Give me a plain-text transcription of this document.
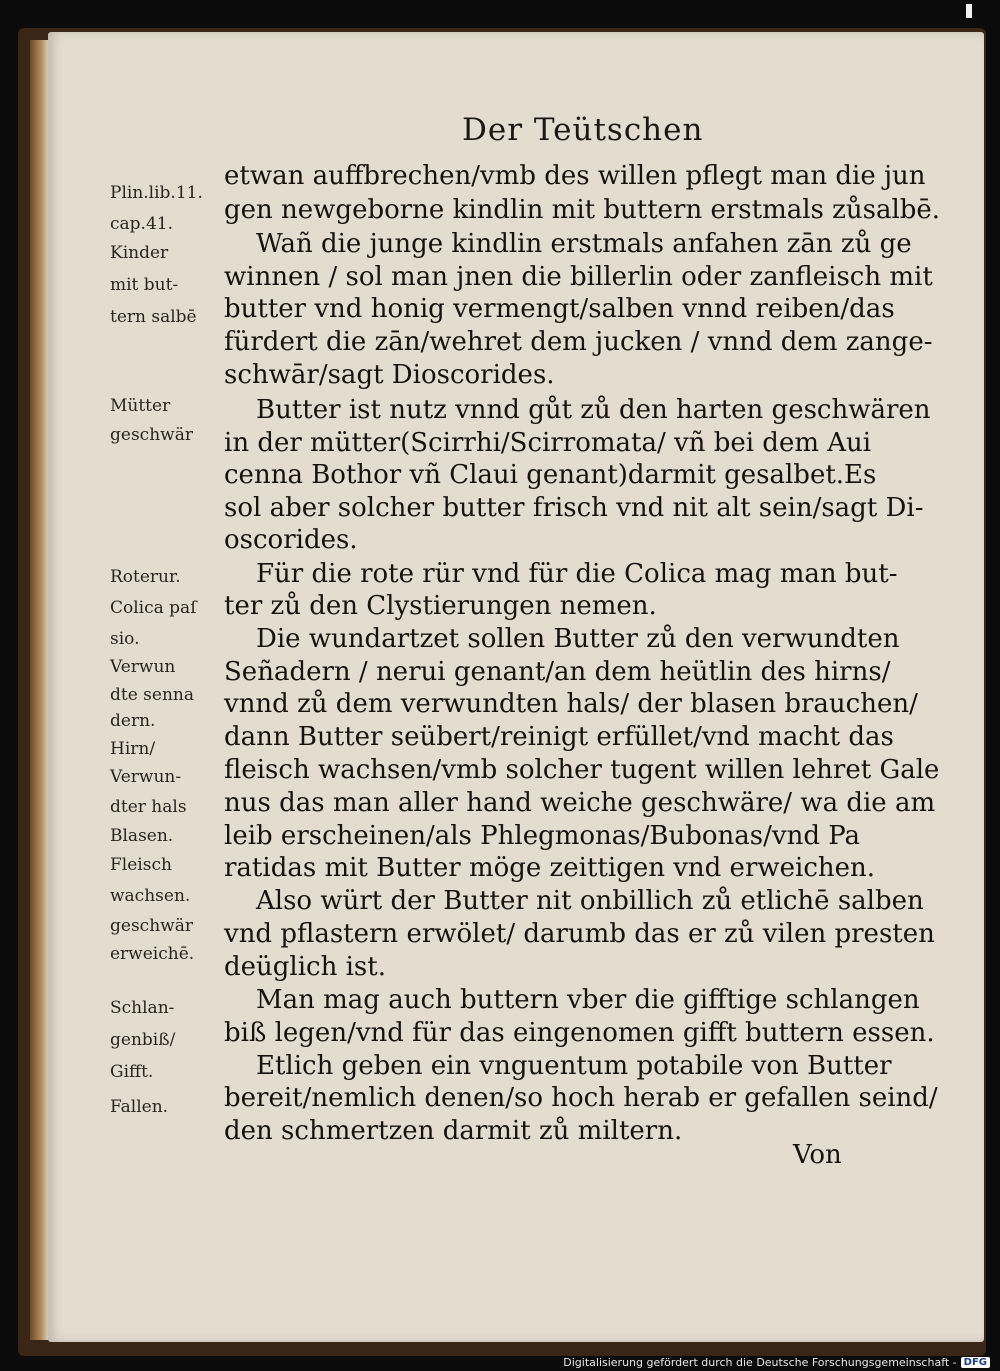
Der Teütschen
Plin.lib.11.
cap.41.
Kinder
mit but-
tern salbē
Mütter
geschwär
Roterur.
Colica paſ
sio.
Verwun
dte senna
dern.
Hirn/
Verwun-
dter hals
Blasen.
Fleisch
wachsen.
geschwär
erweichē.
Schlan-
genbiß/
Gifft.
Fallen.
etwan auffbrechen/vmb des willen pflegt man die jun
gen newgeborne kindlin mit buttern erstmals zůsalbē.
Wañ die junge kindlin erstmals anfahen zān zů ge
winnen / sol man jnen die billerlin oder zanfleisch mit
butter vnd honig vermengt/salben vnnd reiben/das
fürdert die zān/wehret dem jucken / vnnd dem zange-
schwār/sagt Dioscorides.
Butter ist nutz vnnd gůt zů den harten geschwären
in der mütter(Scirrhi/Scirromata/ vñ bei dem Aui
cenna Bothor vñ Claui genant)darmit gesalbet.Es
sol aber solcher butter frisch vnd nit alt sein/sagt Di-
oscorides.
Für die rote rür vnd für die Colica mag man but-
ter zů den Clystierungen nemen.
Die wundartzet sollen Butter zů den verwundten
Señadern / nerui genant/an dem heütlin des hirns/
vnnd zů dem verwundten hals/ der blasen brauchen/
dann Butter seübert/reinigt erfüllet/vnd macht das
fleisch wachsen/vmb solcher tugent willen lehret Gale
nus das man aller hand weiche geschwäre/ wa die am
leib erscheinen/als Phlegmonas/Bubonas/vnd Pa
ratidas mit Butter möge zeittigen vnd erweichen.
Also würt der Butter nit onbillich zů etlichē salben
vnd pflastern erwölet/ darumb das er zů vilen presten
deüglich ist.
Man mag auch buttern vber die gifftige schlangen
biß legen/vnd für das eingenomen gifft buttern essen.
Etlich geben ein vnguentum potabile von Butter
bereit/nemlich denen/so hoch herab er gefallen seind/
den schmertzen darmit zů miltern.
Von
Digitalisierung gefördert durch die Deutsche Forschungsgemeinschaft - DFG
